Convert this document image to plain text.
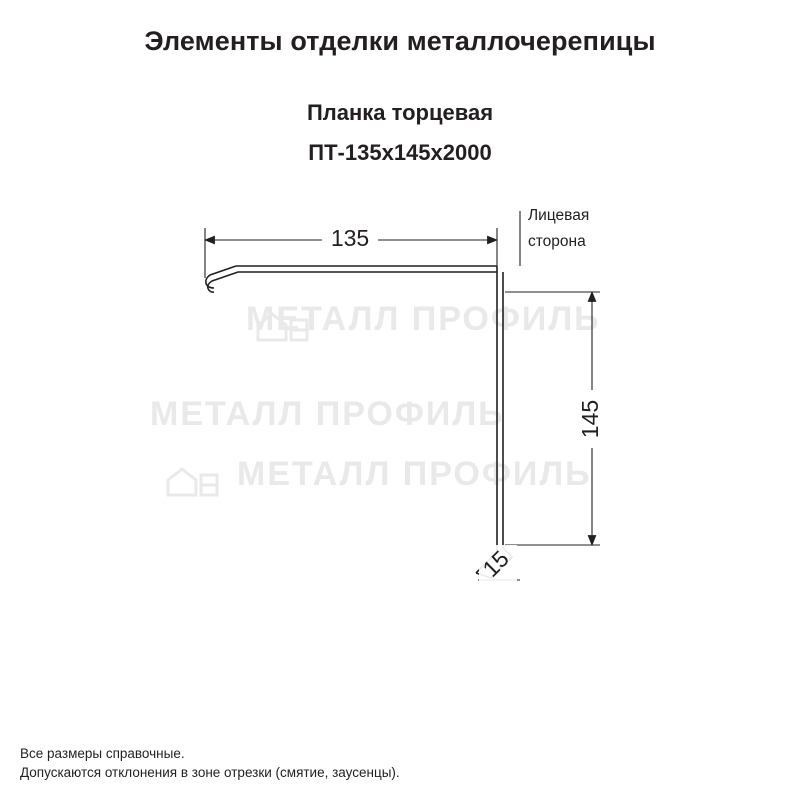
Элементы отделки металлочерепицы
Планка торцевая
ПТ-135x145x2000
МЕТАЛЛ ПРОФИЛЬ
МЕТАЛЛ ПРОФИЛЬ
МЕТАЛЛ ПРОФИЛЬ
135
145
15
Лицевая
сторона
Все размеры справочные.
Допускаются отклонения в зоне отрезки (смятие, заусенцы).
